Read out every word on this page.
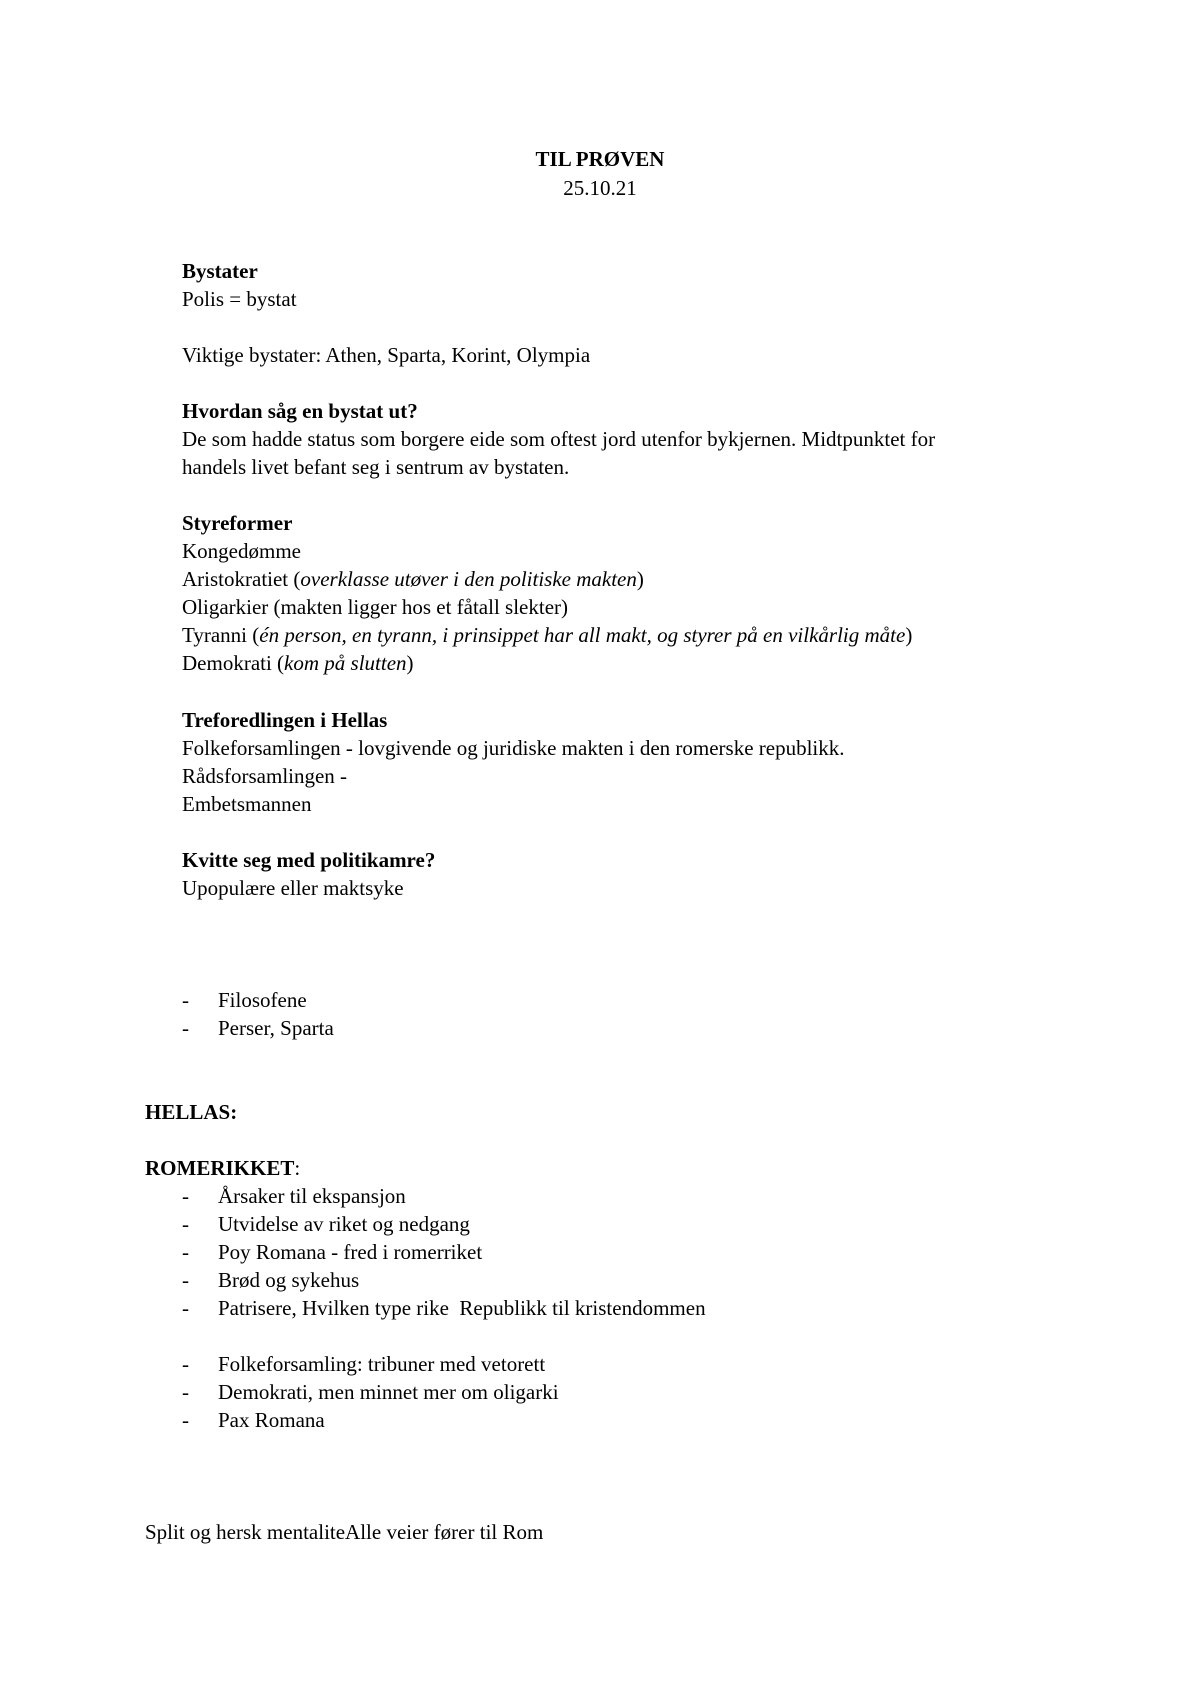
TIL PRØVEN
25.10.21
Bystater
Polis = bystat
Viktige bystater: Athen, Sparta, Korint, Olympia
Hvordan såg en bystat ut?
De som hadde status som borgere eide som oftest jord utenfor bykjernen. Midtpunktet for
handels livet befant seg i sentrum av bystaten.
Styreformer
Kongedømme
Aristokratiet (overklasse utøver i den politiske makten)
Oligarkier (makten ligger hos et fåtall slekter)
Tyranni (én person, en tyrann, i prinsippet har all makt, og styrer på en vilkårlig måte)
Demokrati (kom på slutten)
Treforedlingen i Hellas
Folkeforsamlingen - lovgivende og juridiske makten i den romerske republikk.
Rådsforsamlingen -
Embetsmannen
Kvitte seg med politikamre?
Upopulære eller maktsyke
-	Filosofene
-	Perser, Sparta
HELLAS:
ROMERIKKET:
-	Årsaker til ekspansjon
-	Utvidelse av riket og nedgang
-	Poy Romana - fred i romerriket
-	Brød og sykehus
-	Patrisere, Hvilken type rike  Republikk til kristendommen
-	Folkeforsamling: tribuner med vetorett
-	Demokrati, men minnet mer om oligarki
-	Pax Romana
Split og hersk mentaliteAlle veier fører til Rom
